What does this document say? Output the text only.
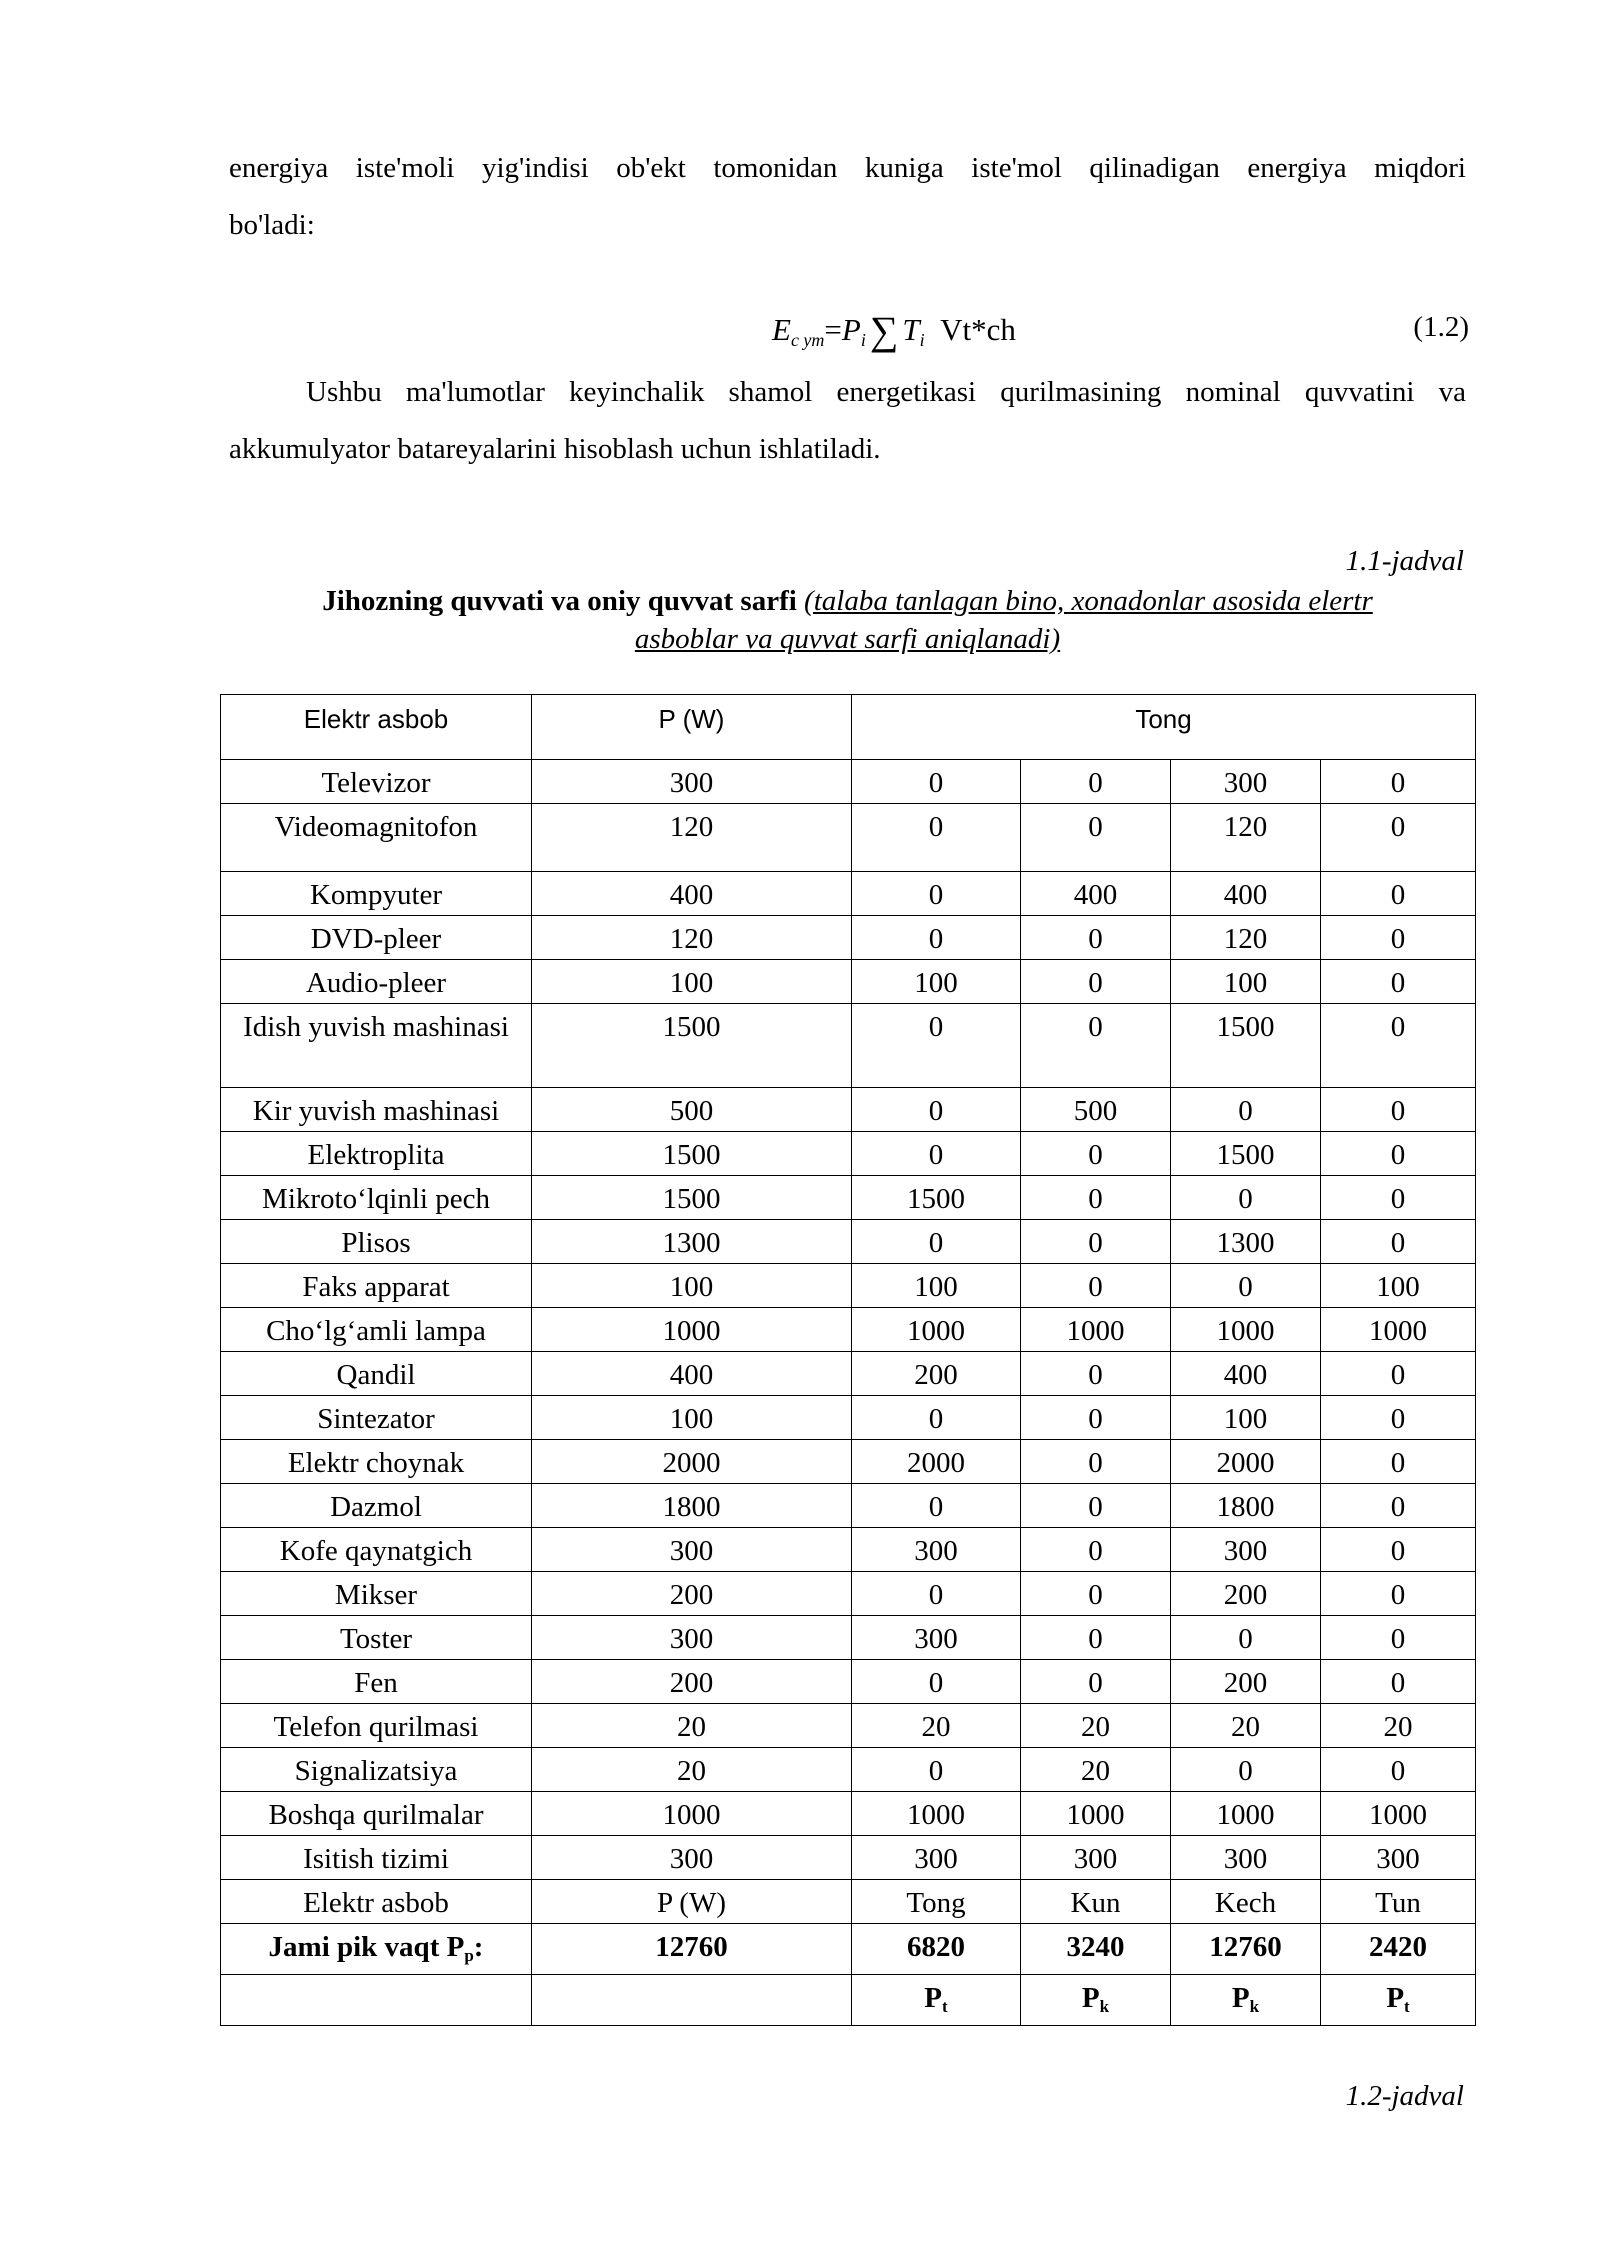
energiya iste'moli yig'indisi ob'ekt tomonidan kuniga iste'mol qilinadigan energiya miqdori
bo'ladi:
$E_{c ym}=P_i$ ∑ $T_i$ Vt*ch	(1.2)
Ushbu ma'lumotlar keyinchalik shamol energetikasi qurilmasining nominal quvvatini va
akkumulyator batareyalarini hisoblash uchun ishlatiladi.
1.1-jadval
Jihozning quvvati va oniy quvvat sarfi (talaba tanlagan bino, xonadonlar asosida elertr
asboblar va quvvat sarfi aniqlanadi)
Elektr asbob	P (W)	Tong			
Televizor	300	0	0	300	0
Videomagnitofon	120	0	0	120	0
Kompyuter	400	0	400	400	0
DVD-pleer	120	0	0	120	0
Audio-pleer	100	100	0	100	0
Idish yuvish mashinasi	1500	0	0	1500	0
Kir yuvish mashinasi	500	0	500	0	0
Elektroplita	1500	0	0	1500	0
Mikroto‘lqinli pech	1500	1500	0	0	0
Plisos	1300	0	0	1300	0
Faks apparat	100	100	0	0	100
Cho‘lg‘amli lampa	1000	1000	1000	1000	1000
Qandil	400	200	0	400	0
Sintezator	100	0	0	100	0
Elektr choynak	2000	2000	0	2000	0
Dazmol	1800	0	0	1800	0
Kofe qaynatgich	300	300	0	300	0
Mikser	200	0	0	200	0
Toster	300	300	0	0	0
Fen	200	0	0	200	0
Telefon qurilmasi	20	20	20	20	20
Signalizatsiya	20	0	20	0	0
Boshqa qurilmalar	1000	1000	1000	1000	1000
Isitish tizimi	300	300	300	300	300
Elektr asbob	P (W)	Tong	Kun	Kech	Tun
Jami pik vaqt $P_p$:	12760	6820	3240	12760	2420
		$P_t$	$P_k$	$P_k$	$P_t$
1.2-jadval
